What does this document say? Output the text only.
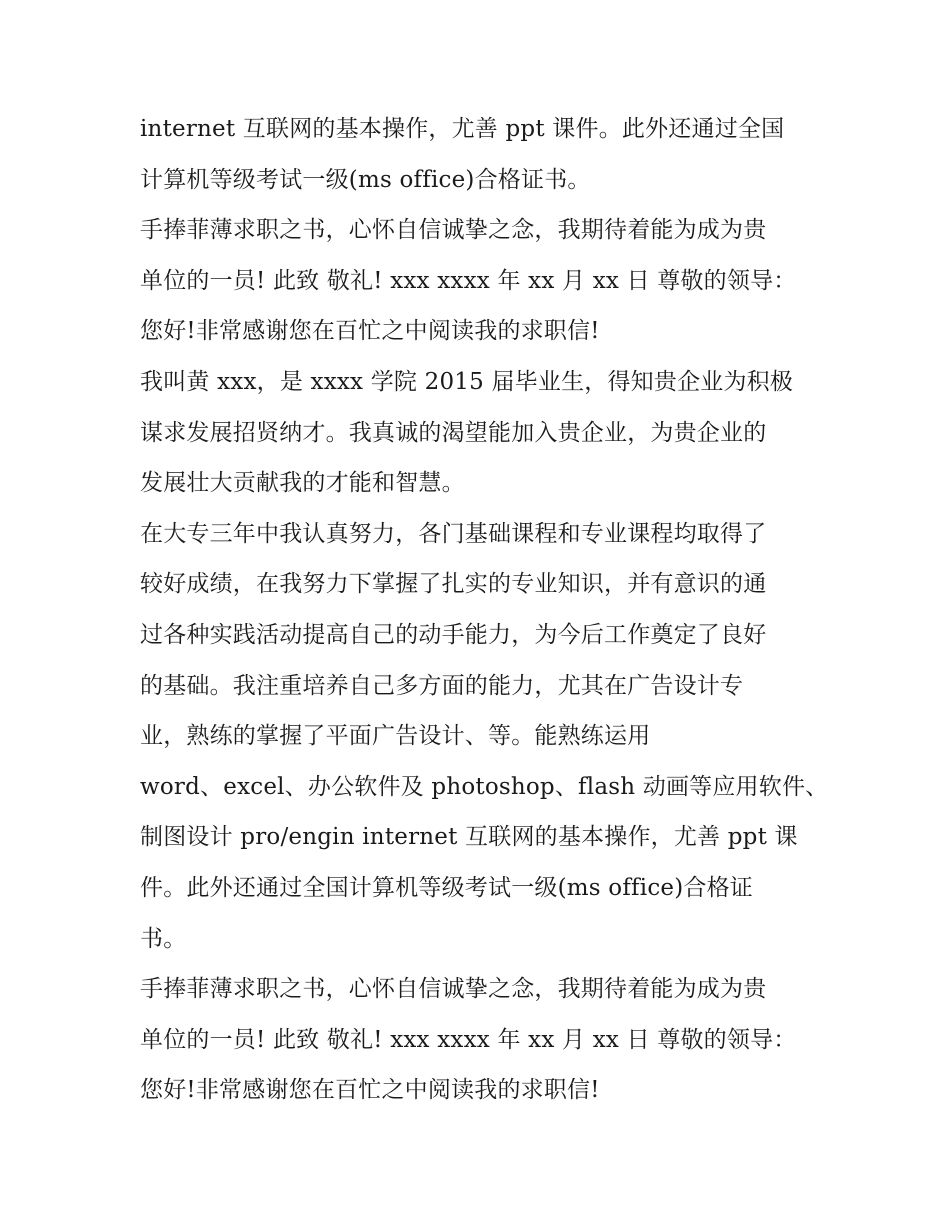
internet 互联网的基本操作，尤善 ppt 课件。此外还通过全国
计算机等级考试一级(ms office)合格证书。
手捧菲薄求职之书，心怀自信诚挚之念，我期待着能为成为贵
单位的一员! 此致 敬礼! xxx xxxx 年 xx 月 xx 日 尊敬的领导：
您好!非常感谢您在百忙之中阅读我的求职信!
我叫黄 xxx，是 xxxx 学院 2015 届毕业生，得知贵企业为积极
谋求发展招贤纳才。我真诚的渴望能加入贵企业，为贵企业的
发展壮大贡献我的才能和智慧。
在大专三年中我认真努力，各门基础课程和专业课程均取得了
较好成绩，在我努力下掌握了扎实的专业知识，并有意识的通
过各种实践活动提高自己的动手能力，为今后工作奠定了良好
的基础。我注重培养自己多方面的能力，尤其在广告设计专
业，熟练的掌握了平面广告设计、等。能熟练运用
word、excel、办公软件及 photoshop、flash 动画等应用软件、
制图设计 pro/engin internet 互联网的基本操作，尤善 ppt 课
件。此外还通过全国计算机等级考试一级(ms office)合格证
书。
手捧菲薄求职之书，心怀自信诚挚之念，我期待着能为成为贵
单位的一员! 此致 敬礼! xxx xxxx 年 xx 月 xx 日 尊敬的领导：
您好!非常感谢您在百忙之中阅读我的求职信!
